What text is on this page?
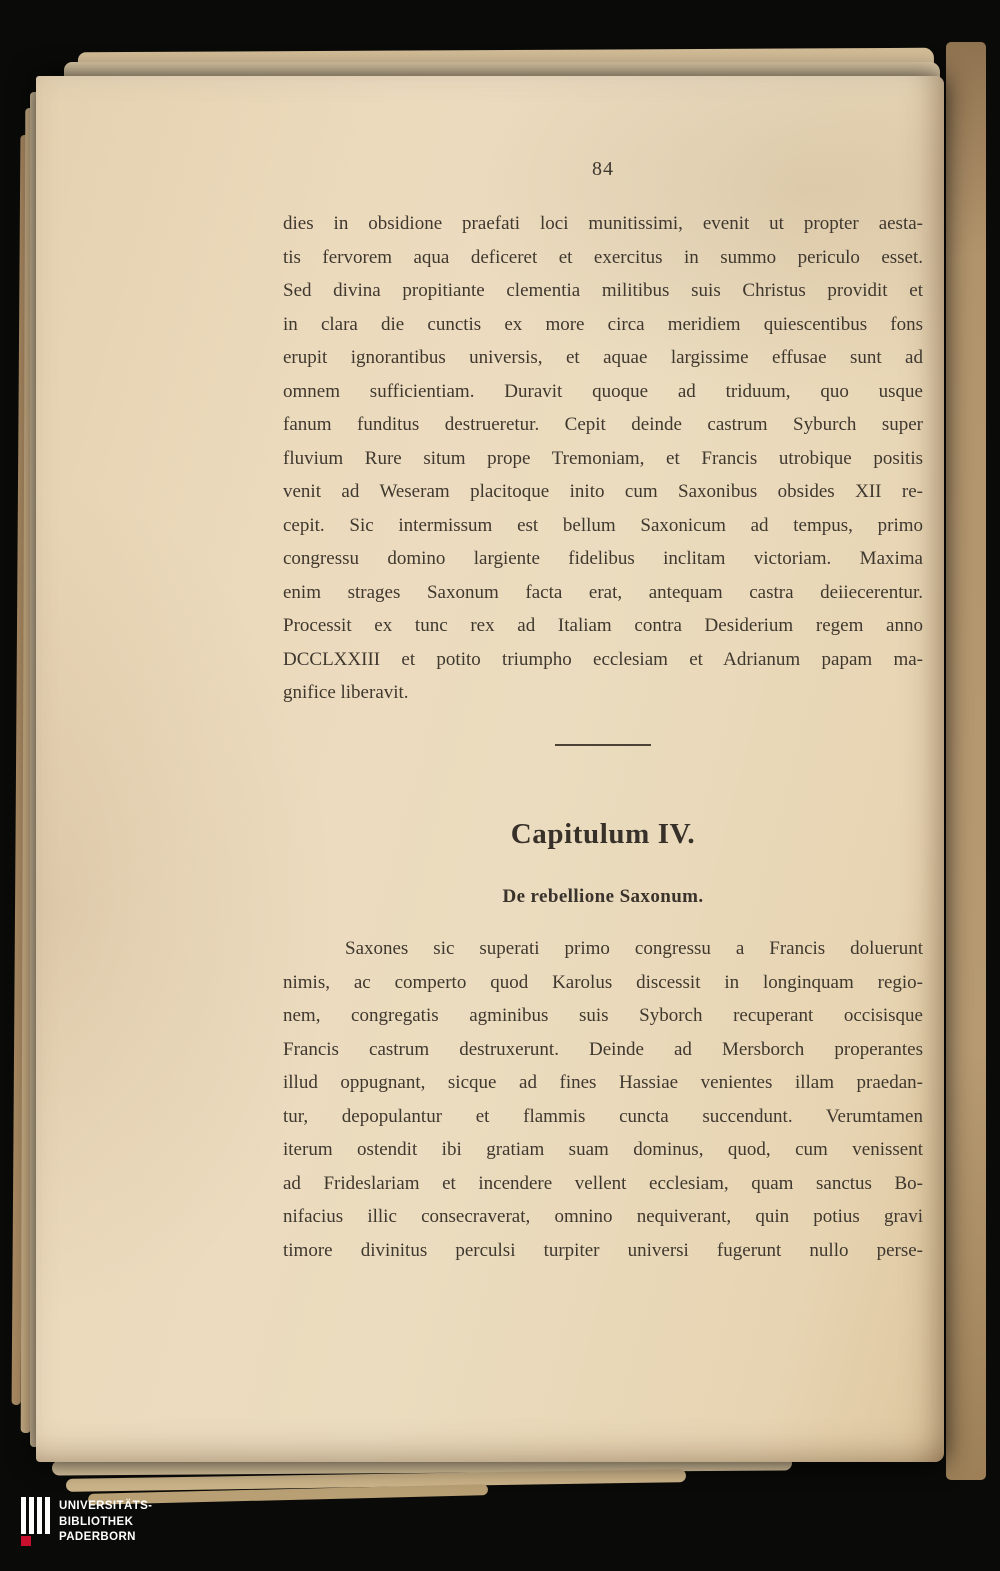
84
dies in obsidione praefati loci munitissimi, evenit ut propter aesta-
tis fervorem aqua deficeret et exercitus in summo periculo esset.
Sed divina propitiante clementia militibus suis Christus providit et
in clara die cunctis ex more circa meridiem quiescentibus fons
erupit ignorantibus universis, et aquae largissime effusae sunt ad
omnem sufficientiam. Duravit quoque ad triduum, quo usque
fanum funditus destrueretur. Cepit deinde castrum Syburch super
fluvium Rure situm prope Tremoniam, et Francis utrobique positis
venit ad Weseram placitoque inito cum Saxonibus obsides XII re-
cepit. Sic intermissum est bellum Saxonicum ad tempus, primo
congressu domino largiente fidelibus inclitam victoriam. Maxima
enim strages Saxonum facta erat, antequam castra deiiecerentur.
Processit ex tunc rex ad Italiam contra Desiderium regem anno
DCCLXXIII et potito triumpho ecclesiam et Adrianum papam ma-
gnifice liberavit.
Capitulum IV.
De rebellione Saxonum.
Saxones sic superati primo congressu a Francis doluerunt
nimis, ac comperto quod Karolus discessit in longinquam regio-
nem, congregatis agminibus suis Syborch recuperant occisisque
Francis castrum destruxerunt. Deinde ad Mersborch properantes
illud oppugnant, sicque ad fines Hassiae venientes illam praedan-
tur, depopulantur et flammis cuncta succendunt. Verumtamen
iterum ostendit ibi gratiam suam dominus, quod, cum venissent
ad Frideslariam et incendere vellent ecclesiam, quam sanctus Bo-
nifacius illic consecraverat, omnino nequiverant, quin potius gravi
timore divinitus perculsi turpiter universi fugerunt nullo perse-
UNIVERSITÄTS-
BIBLIOTHEK
PADERBORN
